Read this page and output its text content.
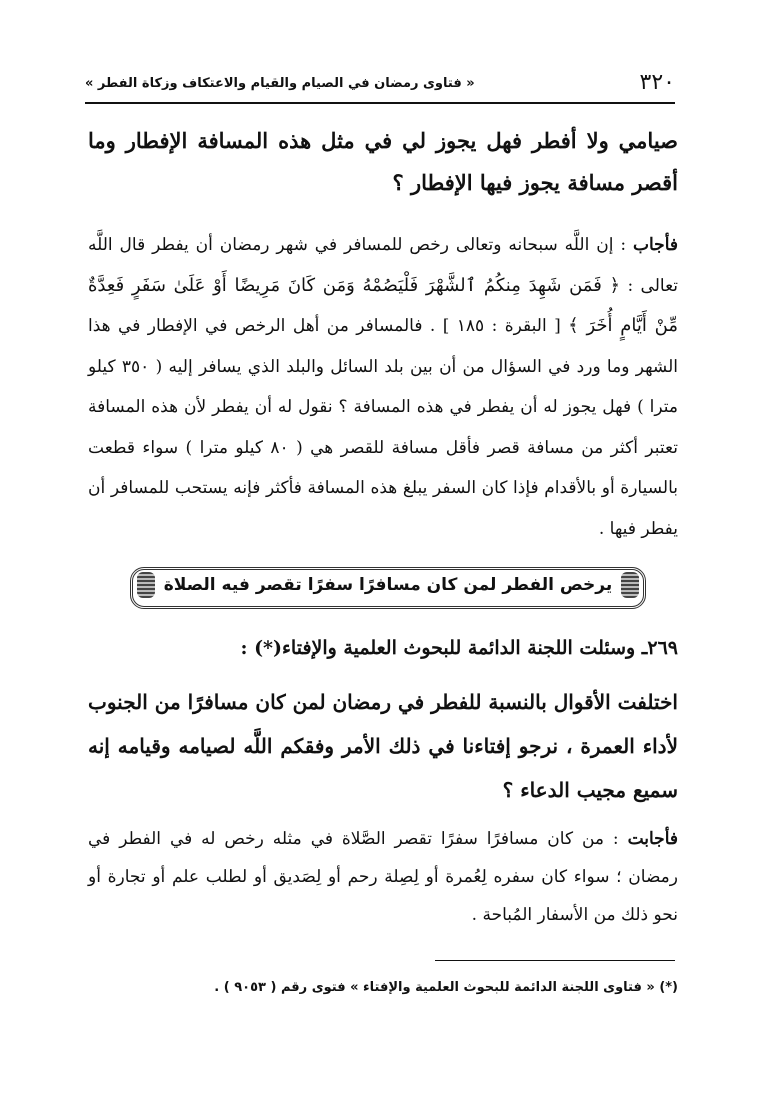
٣٢٠
« فتاوى رمضان في الصيام والقيام والاعتكاف وزكاة الفطر »
صيامي ولا أفطر فهل يجوز لي في مثل هذه المسافة الإفطار وما أقصر مسافة يجوز فيها الإفطار ؟
فأجاب : إن اللَّه سبحانه وتعالى رخص للمسافر في شهر رمضان أن يفطر قال اللَّه تعالى : ﴿ فَمَن شَهِدَ مِنكُمُ ٱلشَّهْرَ فَلْيَصُمْهُ وَمَن كَانَ مَرِيضًا أَوْ عَلَىٰ سَفَرٍ فَعِدَّةٌ مِّنْ أَيَّامٍ أُخَرَ ﴾ [ البقرة : ١٨٥ ] . فالمسافر من أهل الرخص في الإفطار في هذا الشهر وما ورد في السؤال من أن بين بلد السائل والبلد الذي يسافر إليه ( ٣٥٠ كيلو مترا ) فهل يجوز له أن يفطر في هذه المسافة ؟ نقول له أن يفطر لأن هذه المسافة تعتبر أكثر من مسافة قصر فأقل مسافة للقصر هي ( ٨٠ كيلو مترا ) سواء قطعت بالسيارة أو بالأقدام فإذا كان السفر يبلغ هذه المسافة فأكثر فإنه يستحب للمسافر أن يفطر فيها .
يرخص الفطر لمن كان مسافرًا سفرًا تقصر فيه الصلاة
٢٦٩ـ وسئلت اللجنة الدائمة للبحوث العلمية والإفتاء(*) :
اختلفت الأقوال بالنسبة للفطر في رمضان لمن كان مسافرًا من الجنوب لأداء العمرة ، نرجو إفتاءنا في ذلك الأمر وفقكم اللَّه لصيامه وقيامه إنه سميع مجيب الدعاء ؟
فأجابت : من كان مسافرًا سفرًا تقصر الصَّلاة في مثله رخص له في الفطر في رمضان ؛ سواء كان سفره لِعُمرة أو لِصِلة رحم أو لِصَديق أو لطلب علم أو تجارة أو نحو ذلك من الأسفار المُباحة .
(*) « فتاوى اللجنة الدائمة للبحوث العلمية والإفتاء » فتوى رقم ( ٩٠٥٣ ) .
